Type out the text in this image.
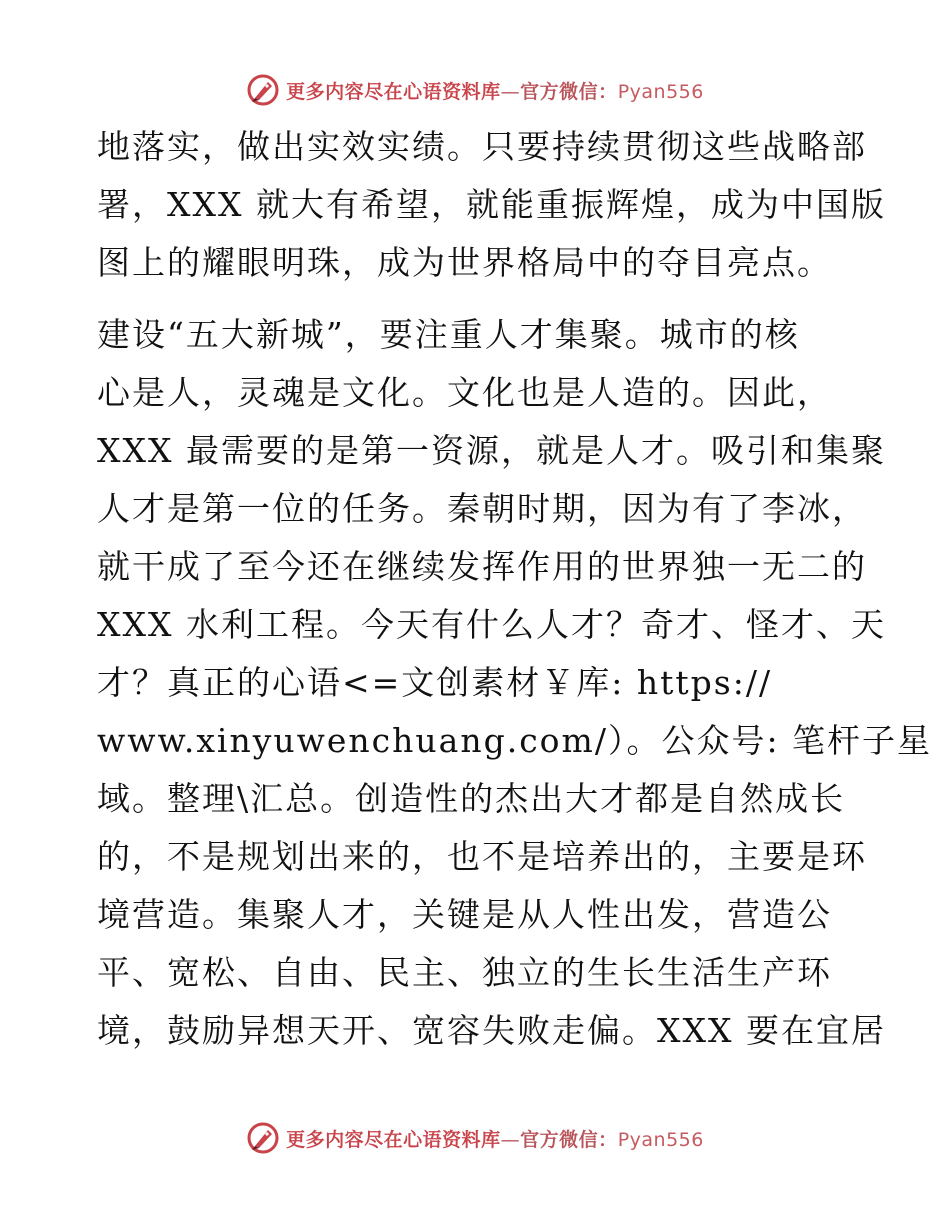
更多内容尽在心语资料库—官方微信：Pyan556
地落实，做出实效实绩。只要持续贯彻这些战略部
署，XXX 就大有希望，就能重振辉煌，成为中国版
图上的耀眼明珠，成为世界格局中的夺目亮点。
建设“五大新城”，要注重人才集聚。城市的核
心是人，灵魂是文化。文化也是人造的。因此，
XXX 最需要的是第一资源，就是人才。吸引和集聚
人才是第一位的任务。秦朝时期，因为有了李冰，
就干成了至今还在继续发挥作用的世界独一无二的
XXX 水利工程。今天有什么人才？奇才、怪才、天
才？真正的心语<=文创素材￥库: https://
www.xinyuwenchuang.com/）。公众号: 笔杆子星
域。整理\汇总。创造性的杰出大才都是自然成长
的，不是规划出来的，也不是培养出的，主要是环
境营造。集聚人才，关键是从人性出发，营造公
平、宽松、自由、民主、独立的生长生活生产环
境，鼓励异想天开、宽容失败走偏。XXX 要在宜居
更多内容尽在心语资料库—官方微信：Pyan556
